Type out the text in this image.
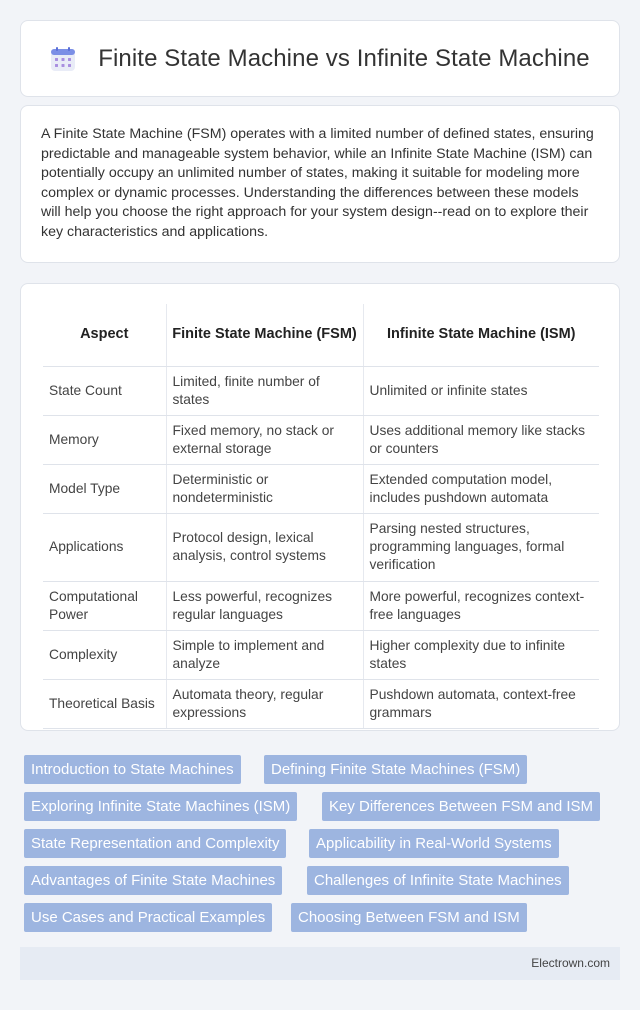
Finite State Machine vs Infinite State Machine

A Finite State Machine (FSM) operates with a limited number of defined states, ensuring predictable and manageable system behavior, while an Infinite State Machine (ISM) can potentially occupy an unlimited number of states, making it suitable for modeling more complex or dynamic processes. Understanding the differences between these models will help you choose the right approach for your system design--read on to explore their key characteristics and applications.

Aspect	Finite State Machine (FSM)	Infinite State Machine (ISM)
State Count	Limited, finite number of states	Unlimited or infinite states
Memory	Fixed memory, no stack or external storage	Uses additional memory like stacks or counters
Model Type	Deterministic or nondeterministic	Extended computation model, includes pushdown automata
Applications	Protocol design, lexical analysis, control systems	Parsing nested structures, programming languages, formal verification
Computational Power	Less powerful, recognizes regular languages	More powerful, recognizes context-free languages
Complexity	Simple to implement and analyze	Higher complexity due to infinite states
Theoretical Basis	Automata theory, regular expressions	Pushdown automata, context-free grammars
Introduction to State Machines	Defining Finite State Machines (FSM)
Exploring Infinite State Machines (ISM)	Key Differences Between FSM and ISM
State Representation and Complexity	Applicability in Real-World Systems
Advantages of Finite State Machines	Challenges of Infinite State Machines
Use Cases and Practical Examples	Choosing Between FSM and ISM
Electrown.com
